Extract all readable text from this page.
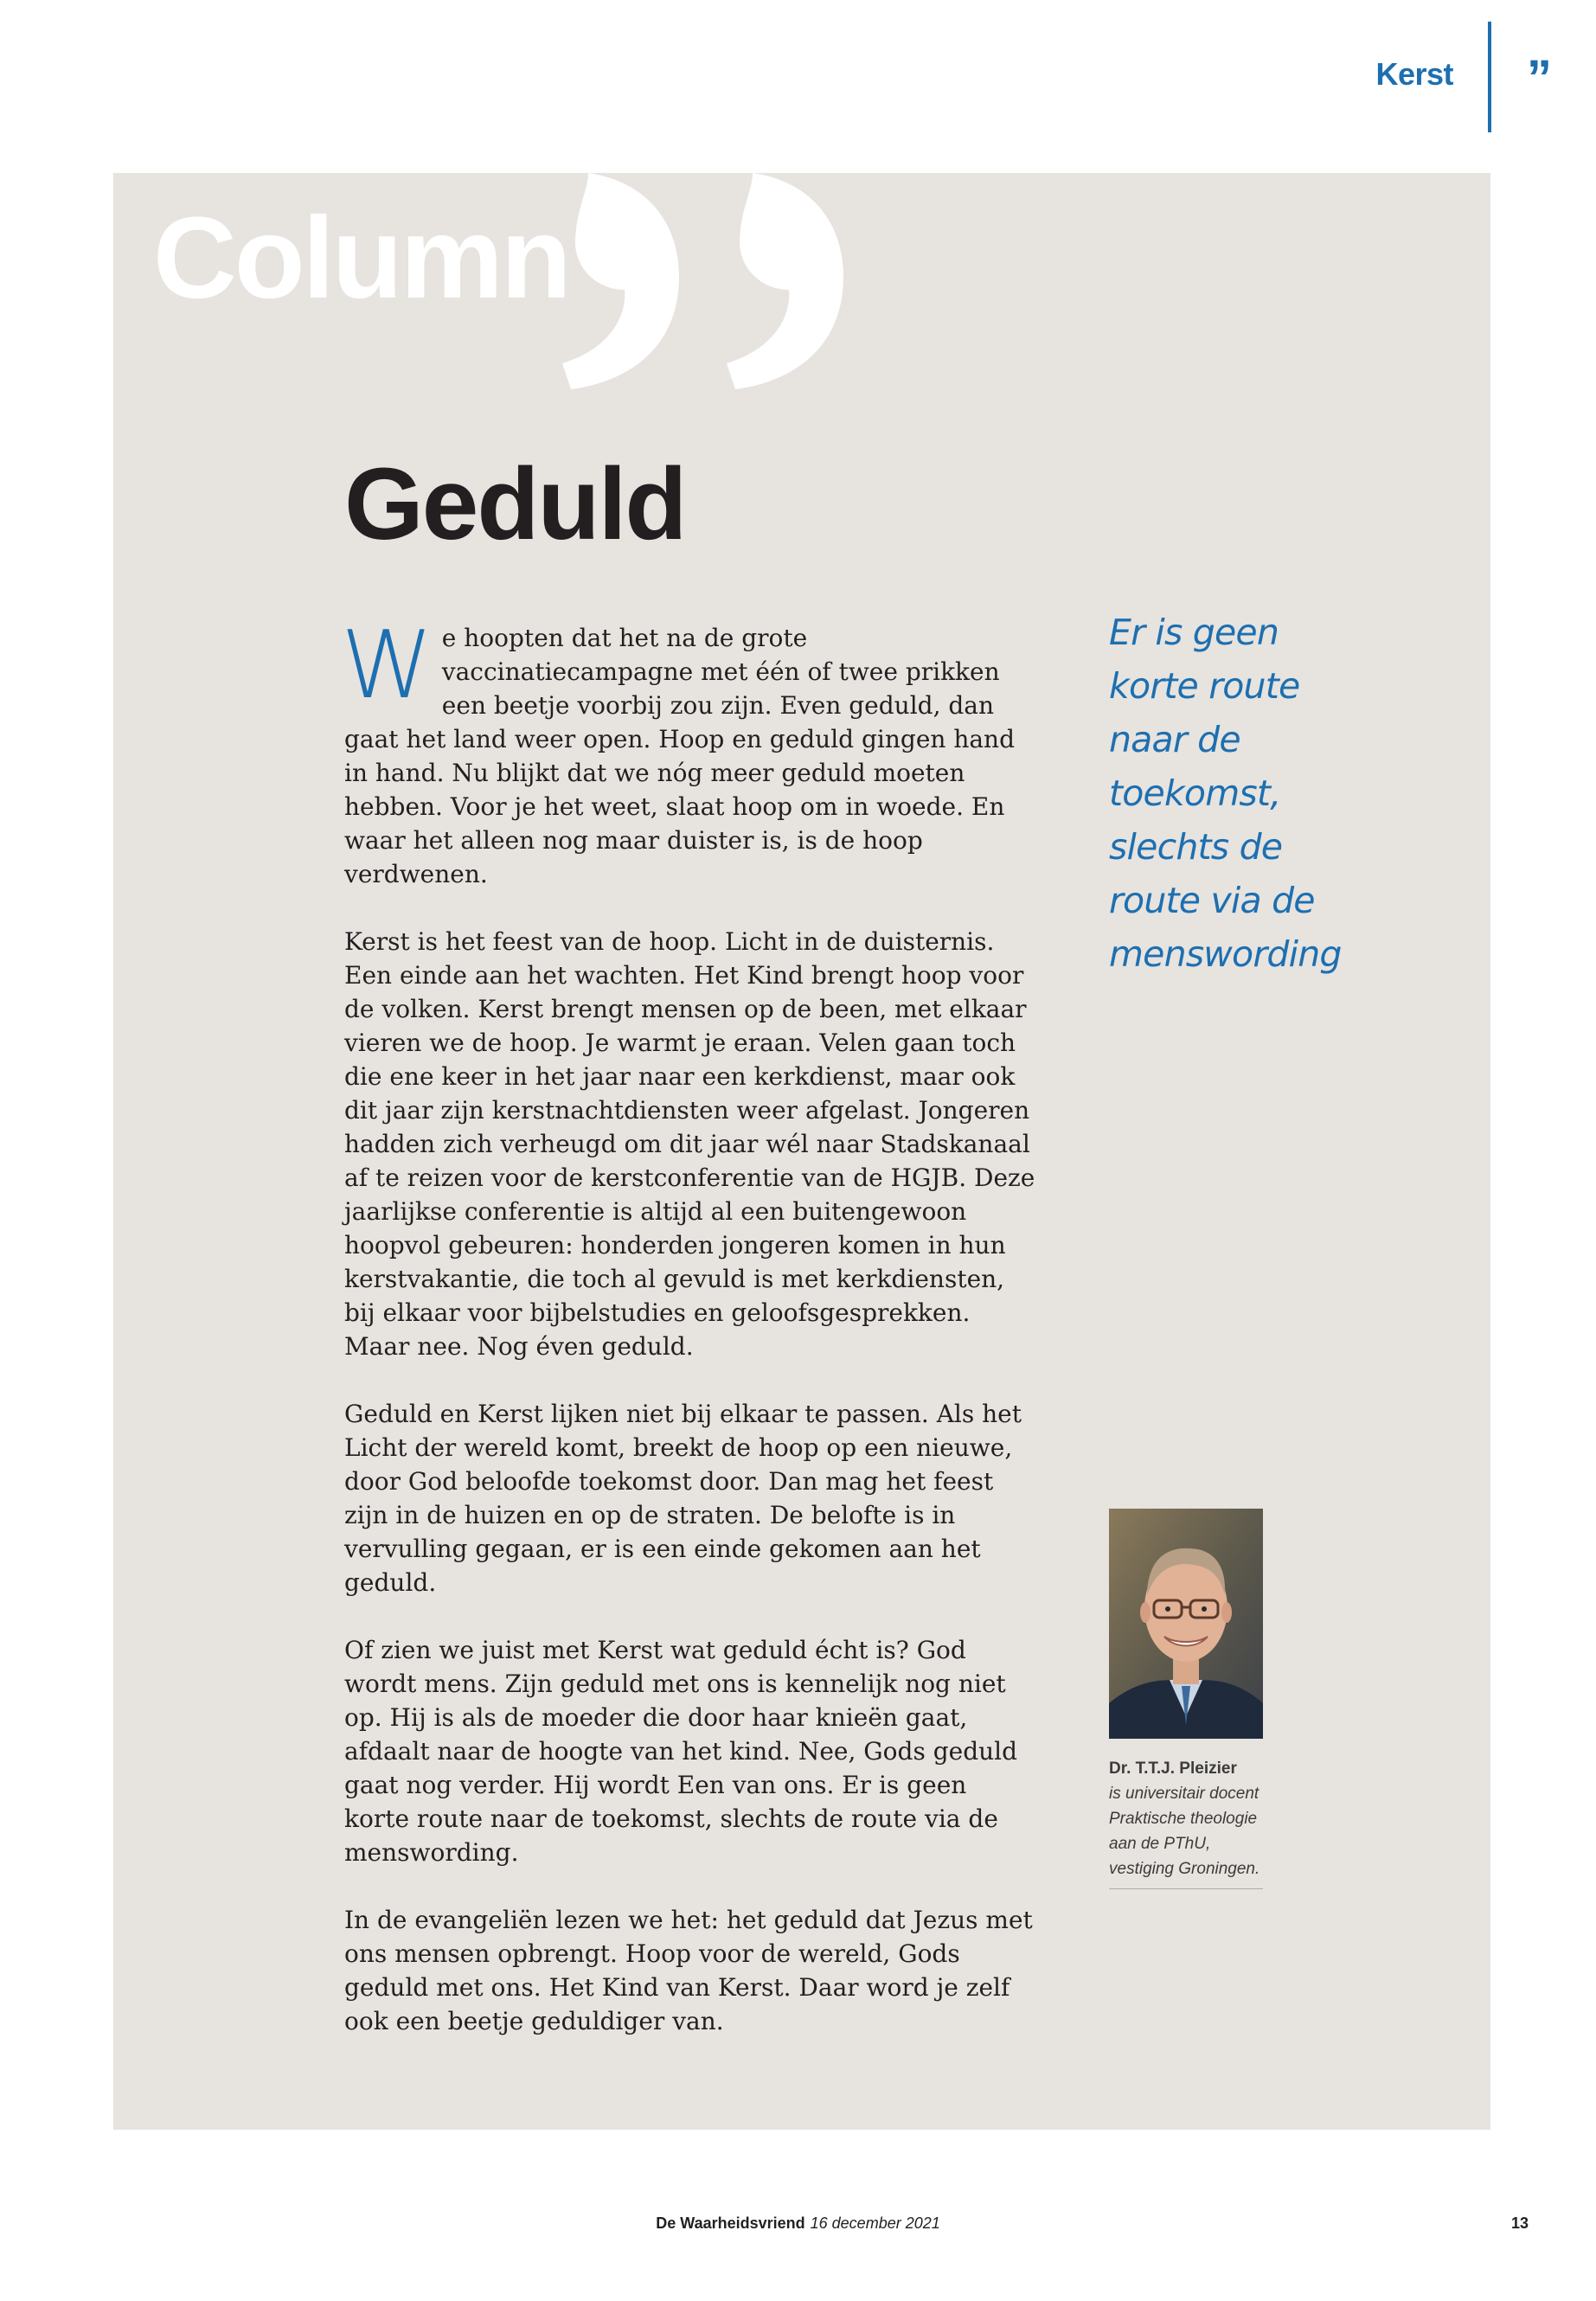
Kerst ”
Column
Geduld

We hoopten dat het na de grote vaccinatiecampagne met één of twee prikken een beetje voorbij zou zijn. Even geduld, dan gaat het land weer open. Hoop en geduld gingen hand in hand. Nu blijkt dat we nóg meer geduld moeten hebben. Voor je het weet, slaat hoop om in woede. En waar het alleen nog maar duister is, is de hoop verdwenen.

Kerst is het feest van de hoop. Licht in de duisternis. Een einde aan het wachten. Het Kind brengt hoop voor de volken. Kerst brengt mensen op de been, met elkaar vieren we de hoop. Je warmt je eraan. Velen gaan toch die ene keer in het jaar naar een kerkdienst, maar ook dit jaar zijn kerstnachtdiensten weer afgelast. Jongeren hadden zich verheugd om dit jaar wél naar Stadskanaal af te reizen voor de kerstconferentie van de HGJB. Deze jaarlijkse conferentie is altijd al een buitengewoon hoopvol gebeuren: honderden jongeren komen in hun kerstvakantie, die toch al gevuld is met kerkdiensten, bij elkaar voor bijbelstudies en geloofsgesprekken. Maar nee. Nog éven geduld.

Geduld en Kerst lijken niet bij elkaar te passen. Als het Licht der wereld komt, breekt de hoop op een nieuwe, door God beloofde toekomst door. Dan mag het feest zijn in de huizen en op de straten. De belofte is in vervulling gegaan, er is een einde gekomen aan het geduld.

Of zien we juist met Kerst wat geduld écht is? God wordt mens. Zijn geduld met ons is kennelijk nog niet op. Hij is als de moeder die door haar knieën gaat, afdaalt naar de hoogte van het kind. Nee, Gods geduld gaat nog verder. Hij wordt Een van ons. Er is geen korte route naar de toekomst, slechts de route via de menswording.

In de evangeliën lezen we het: het geduld dat Jezus met ons mensen opbrengt. Hoop voor de wereld, Gods geduld met ons. Het Kind van Kerst. Daar word je zelf ook een beetje geduldiger van.

Er is geen korte route naar de toekomst, slechts de route via de menswording
Dr. T.T.J. Pleizier
is universitair docent Praktische theologie aan de PThU, vestiging Groningen.
De Waarheidsvriend 16 december 2021	13
